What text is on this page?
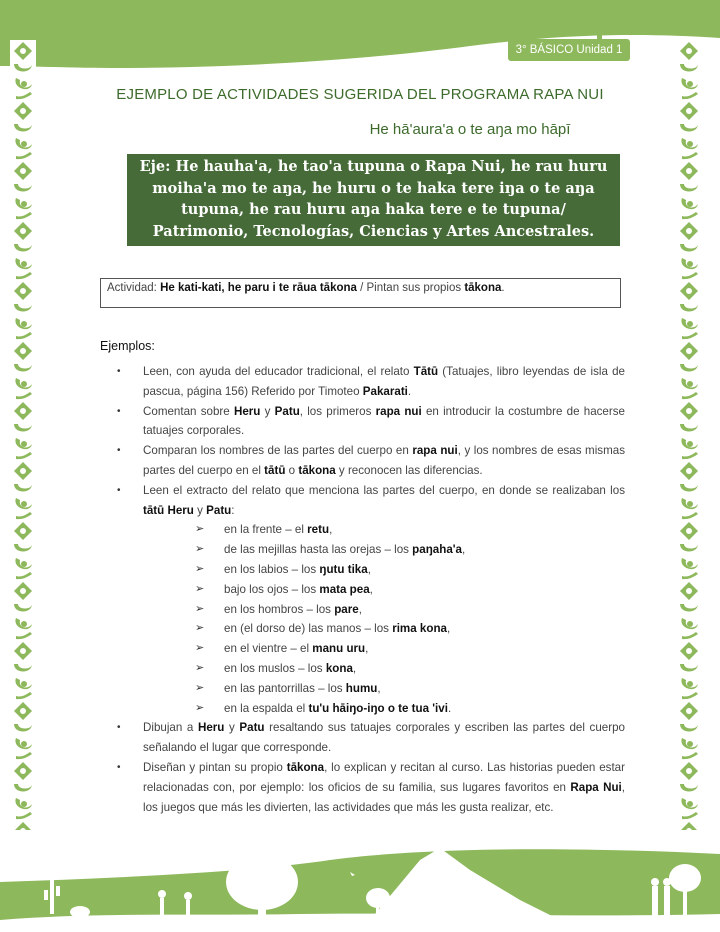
3° BÁSICO Unidad 1
EJEMPLO DE ACTIVIDADES SUGERIDA DEL PROGRAMA RAPA NUI
He hā'aura'a o te aŋa mo hāpī
Eje: He hauha'a, he tao'a tupuna o Rapa Nui, he rau huru moiha'a mo te aŋa, he huru o te haka tere iŋa o te aŋa tupuna, he rau huru aŋa haka tere e te tupuna/ Patrimonio, Tecnologías, Ciencias y Artes Ancestrales.
Actividad: He kati-kati, he paru i te rāua tākona / Pintan sus propios tākona.
Ejemplos:
• Leen, con ayuda del educador tradicional, el relato Tātū (Tatuajes, libro leyendas de isla de pascua, página 156) Referido por Timoteo Pakarati.
• Comentan sobre Heru y Patu, los primeros rapa nui en introducir la costumbre de hacerse tatuajes corporales.
• Comparan los nombres de las partes del cuerpo en rapa nui, y los nombres de esas mismas partes del cuerpo en el tātū o tākona y reconocen las diferencias.
• Leen el extracto del relato que menciona las partes del cuerpo, en donde se realizaban los tātū Heru y Patu:
➢ en la frente – el retu,
➢ de las mejillas hasta las orejas – los paŋaha'a,
➢ en los labios – los ŋutu tika,
➢ bajo los ojos – los mata pea,
➢ en los hombros – los pare,
➢ en (el dorso de) las manos – los rima kona,
➢ en el vientre – el manu uru,
➢ en los muslos – los kona,
➢ en las pantorrillas – los humu,
➢ en la espalda el tu'u hāiŋo-iŋo o te tua 'ivi.
• Dibujan a Heru y Patu resaltando sus tatuajes corporales y escriben las partes del cuerpo señalando el lugar que corresponde.
• Diseñan y pintan su propio tākona, lo explican y recitan al curso. Las historias pueden estar relacionadas con, por ejemplo: los oficios de su familia, sus lugares favoritos en Rapa Nui, los juegos que más les divierten, las actividades que más les gusta realizar, etc.
